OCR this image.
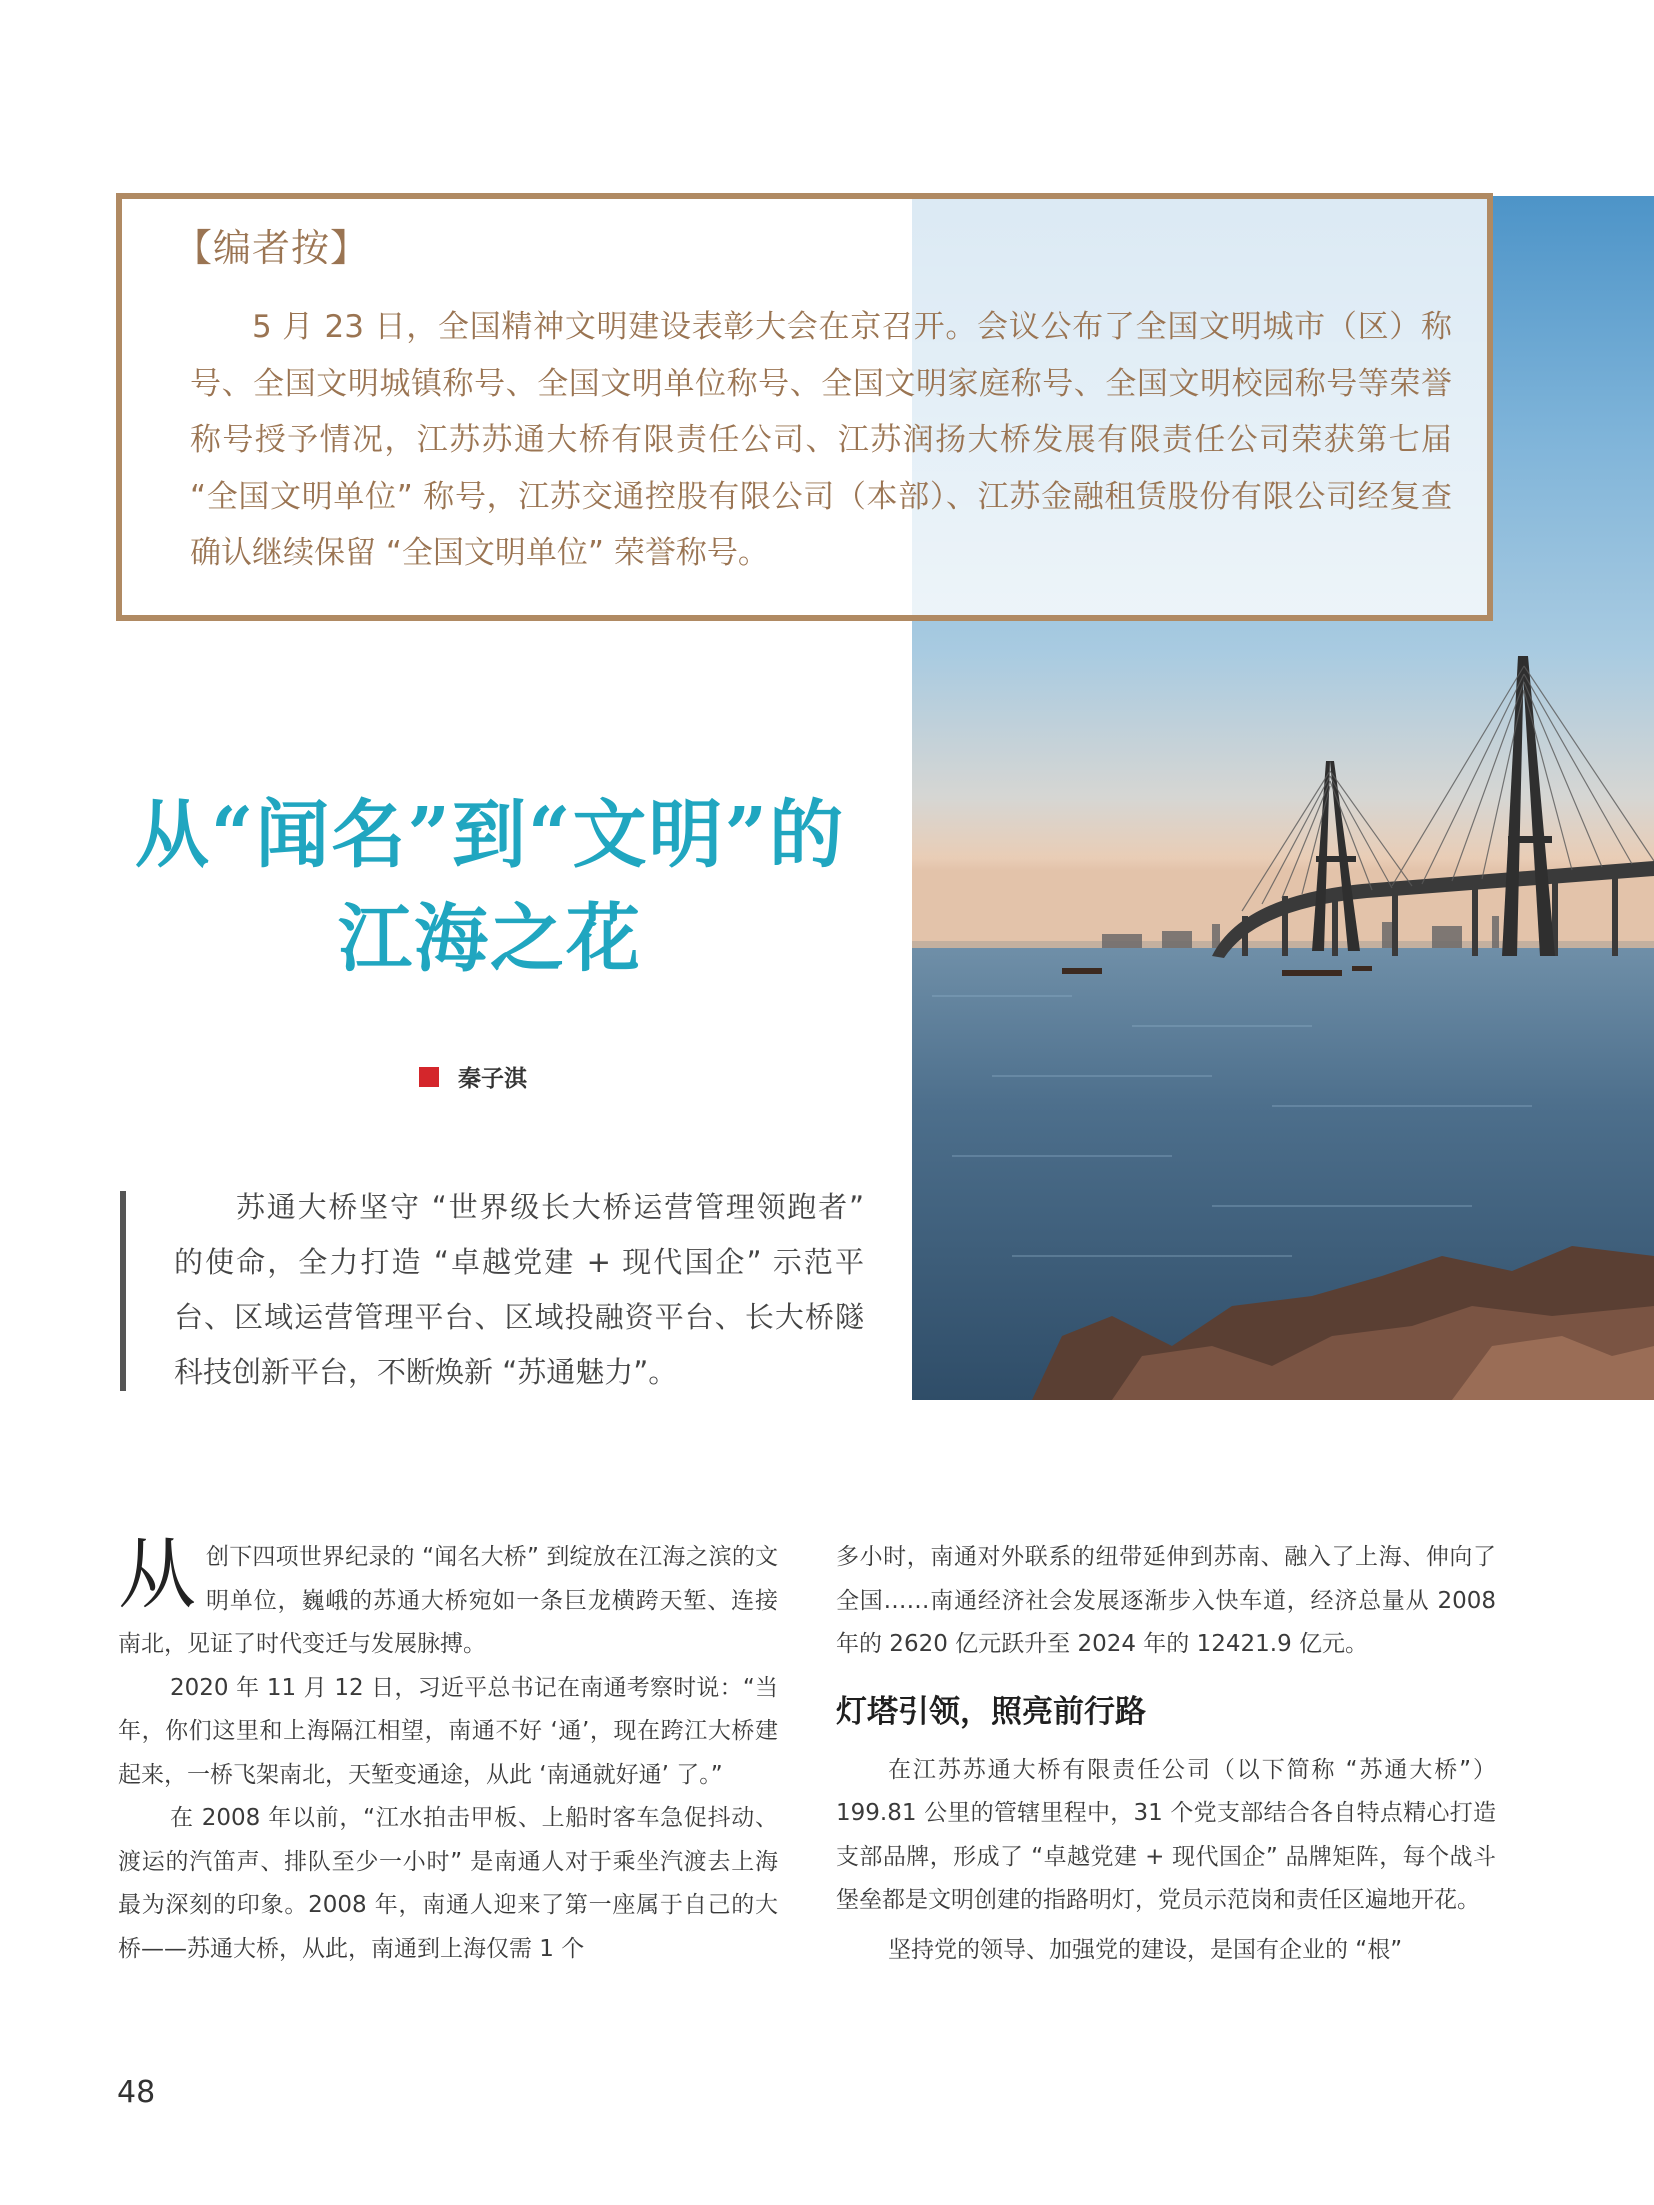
【编者按】
5 月 23 日，全国精神文明建设表彰大会在京召开。会议公布了全国文明城市（区）称号、全国文明城镇称号、全国文明单位称号、全国文明家庭称号、全国文明校园称号等荣誉称号授予情况，江苏苏通大桥有限责任公司、江苏润扬大桥发展有限责任公司荣获第七届 “全国文明单位” 称号，江苏交通控股有限公司（本部）、江苏金融租赁股份有限公司经复查确认继续保留 “全国文明单位” 荣誉称号。
从“闻名”到“文明”的
江海之花
秦子淇
苏通大桥坚守 “世界级长大桥运营管理领跑者” 的使命，全力打造 “卓越党建 + 现代国企” 示范平台、区域运营管理平台、区域投融资平台、长大桥隧科技创新平台，不断焕新 “苏通魅力”。

从创下四项世界纪录的 “闻名大桥” 到绽放在江海之滨的文明单位，巍峨的苏通大桥宛如一条巨龙横跨天堑、连接南北，见证了时代变迁与发展脉搏。

2020 年 11 月 12 日，习近平总书记在南通考察时说：“当年，你们这里和上海隔江相望，南通不好 ‘通’，现在跨江大桥建起来，一桥飞架南北，天堑变通途，从此 ‘南通就好通’ 了。”

在 2008 年以前，“江水拍击甲板、上船时客车急促抖动、渡运的汽笛声、排队至少一小时” 是南通人对于乘坐汽渡去上海最为深刻的印象。2008 年，南通人迎来了第一座属于自己的大桥——苏通大桥，从此，南通到上海仅需 1 个

多小时，南通对外联系的纽带延伸到苏南、融入了上海、伸向了全国……南通经济社会发展逐渐步入快车道，经济总量从 2008 年的 2620 亿元跃升至 2024 年的 12421.9 亿元。

灯塔引领，照亮前行路

在江苏苏通大桥有限责任公司（以下简称 “苏通大桥”）199.81 公里的管辖里程中，31 个党支部结合各自特点精心打造支部品牌，形成了 “卓越党建 + 现代国企” 品牌矩阵，每个战斗堡垒都是文明创建的指路明灯，党员示范岗和责任区遍地开花。

坚持党的领导、加强党的建设，是国有企业的 “根”

48
